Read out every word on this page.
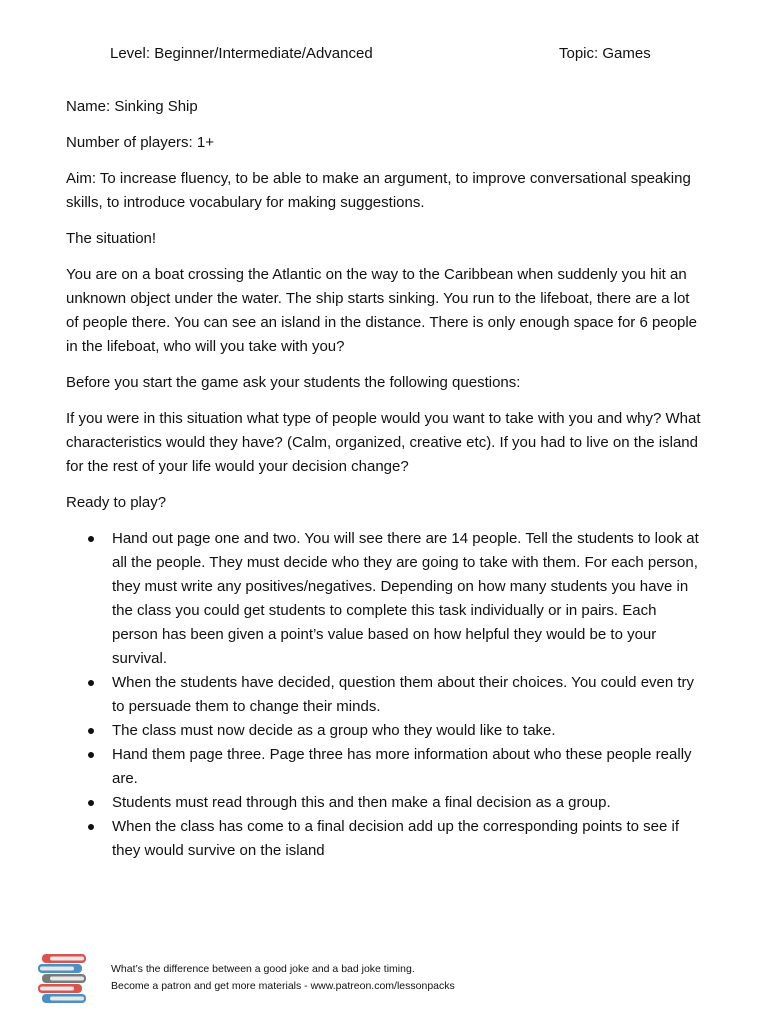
Level: Beginner/Intermediate/Advanced	Topic: Games

Name: Sinking Ship

Number of players: 1+

Aim: To increase fluency, to be able to make an argument, to improve conversational speaking skills, to introduce vocabulary for making suggestions.

The situation!

You are on a boat crossing the Atlantic on the way to the Caribbean when suddenly you hit an unknown object under the water. The ship starts sinking. You run to the lifeboat, there are a lot of people there. You can see an island in the distance. There is only enough space for 6 people in the lifeboat, who will you take with you?

Before you start the game ask your students the following questions:

If you were in this situation what type of people would you want to take with you and why? What characteristics would they have? (Calm, organized, creative etc). If you had to live on the island for the rest of your life would your decision change?

Ready to play?

Hand out page one and two. You will see there are 14 people. Tell the students to look at all the people. They must decide who they are going to take with them. For each person, they must write any positives/negatives. Depending on how many students you have in the class you could get students to complete this task individually or in pairs. Each person has been given a point’s value based on how helpful they would be to your survival.
When the students have decided, question them about their choices. You could even try to persuade them to change their minds.
The class must now decide as a group who they would like to take.
Hand them page three. Page three has more information about who these people really are.
Students must read through this and then make a final decision as a group.
When the class has come to a final decision add up the corresponding points to see if they would survive on the island
What’s the difference between a good joke and a bad joke timing.
Become a patron and get more materials - www.patreon.com/lessonpacks
